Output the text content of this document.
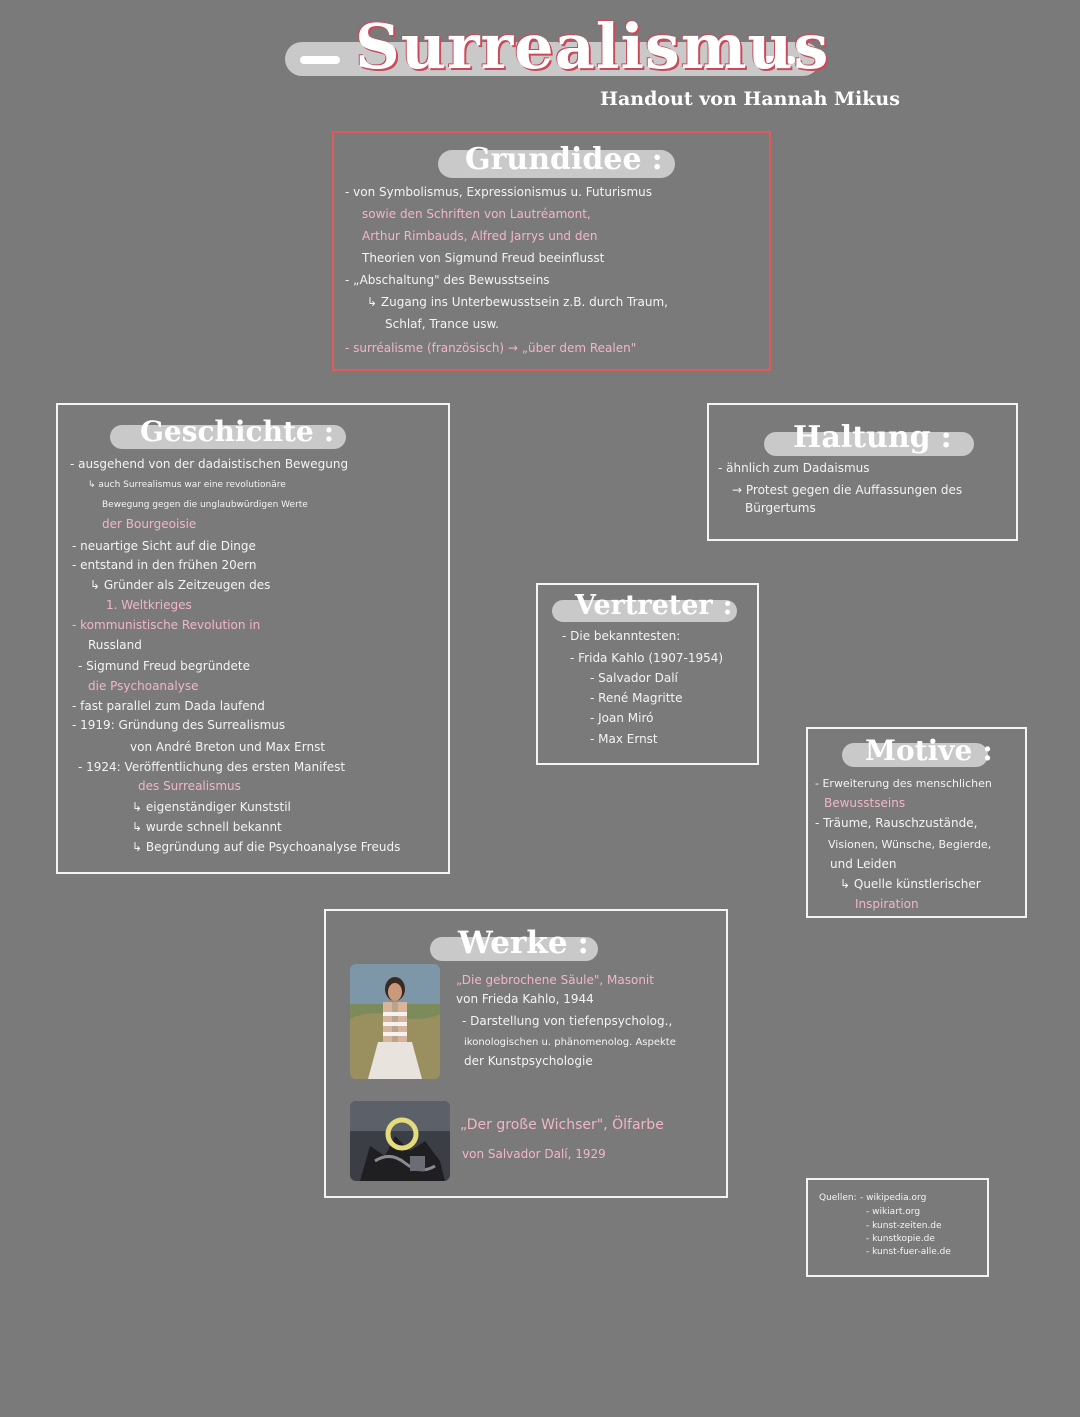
Surrealismus
Handout von Hannah Mikus
Grundidee :
- von Symbolismus, Expressionismus u. Futurismus
sowie den Schriften von Lautréamont,
Arthur Rimbauds, Alfred Jarrys und den
Theorien von Sigmund Freud beeinflusst
- „Abschaltung" des Bewusstseins
↳ Zugang ins Unterbewusstsein z.B. durch Traum,
Schlaf, Trance usw.
- surréalisme (französisch) → „über dem Realen"
Geschichte :
- ausgehend von der dadaistischen Bewegung
↳ auch Surrealismus war eine revolutionäre
Bewegung gegen die unglaubwürdigen Werte
der Bourgeoisie
- neuartige Sicht auf die Dinge
- entstand in den frühen 20ern
↳ Gründer als Zeitzeugen des
1. Weltkrieges
- kommunistische Revolution in
Russland
- Sigmund Freud begründete
die Psychoanalyse
- fast parallel zum Dada laufend
- 1919: Gründung des Surrealismus
von André Breton und Max Ernst
- 1924: Veröffentlichung des ersten Manifest
des Surrealismus
↳ eigenständiger Kunststil
↳ wurde schnell bekannt
↳ Begründung auf die Psychoanalyse Freuds
Haltung :
- ähnlich zum Dadaismus
→ Protest gegen die Auffassungen des
Bürgertums
Vertreter :
- Die bekanntesten:
- Frida Kahlo (1907-1954)
- Salvador Dalí
- René Magritte
- Joan Miró
- Max Ernst	Motive :
- Erweiterung des menschlichen
Bewusstseins
- Träume, Rauschzustände,
Visionen, Wünsche, Begierde,
und Leiden
↳ Quelle künstlerischer
Inspiration
Werke :
„Die gebrochene Säule", Masonit
von Frieda Kahlo, 1944
- Darstellung von tiefenpsycholog.,
ikonologischen u. phänomenolog. Aspekte
der Kunstpsychologie
„Der große Wichser", Ölfarbe
von Salvador Dalí, 1929
Quellen: - wikipedia.org
- wikiart.org
- kunst-zeiten.de
- kunstkopie.de
- kunst-fuer-alle.de
